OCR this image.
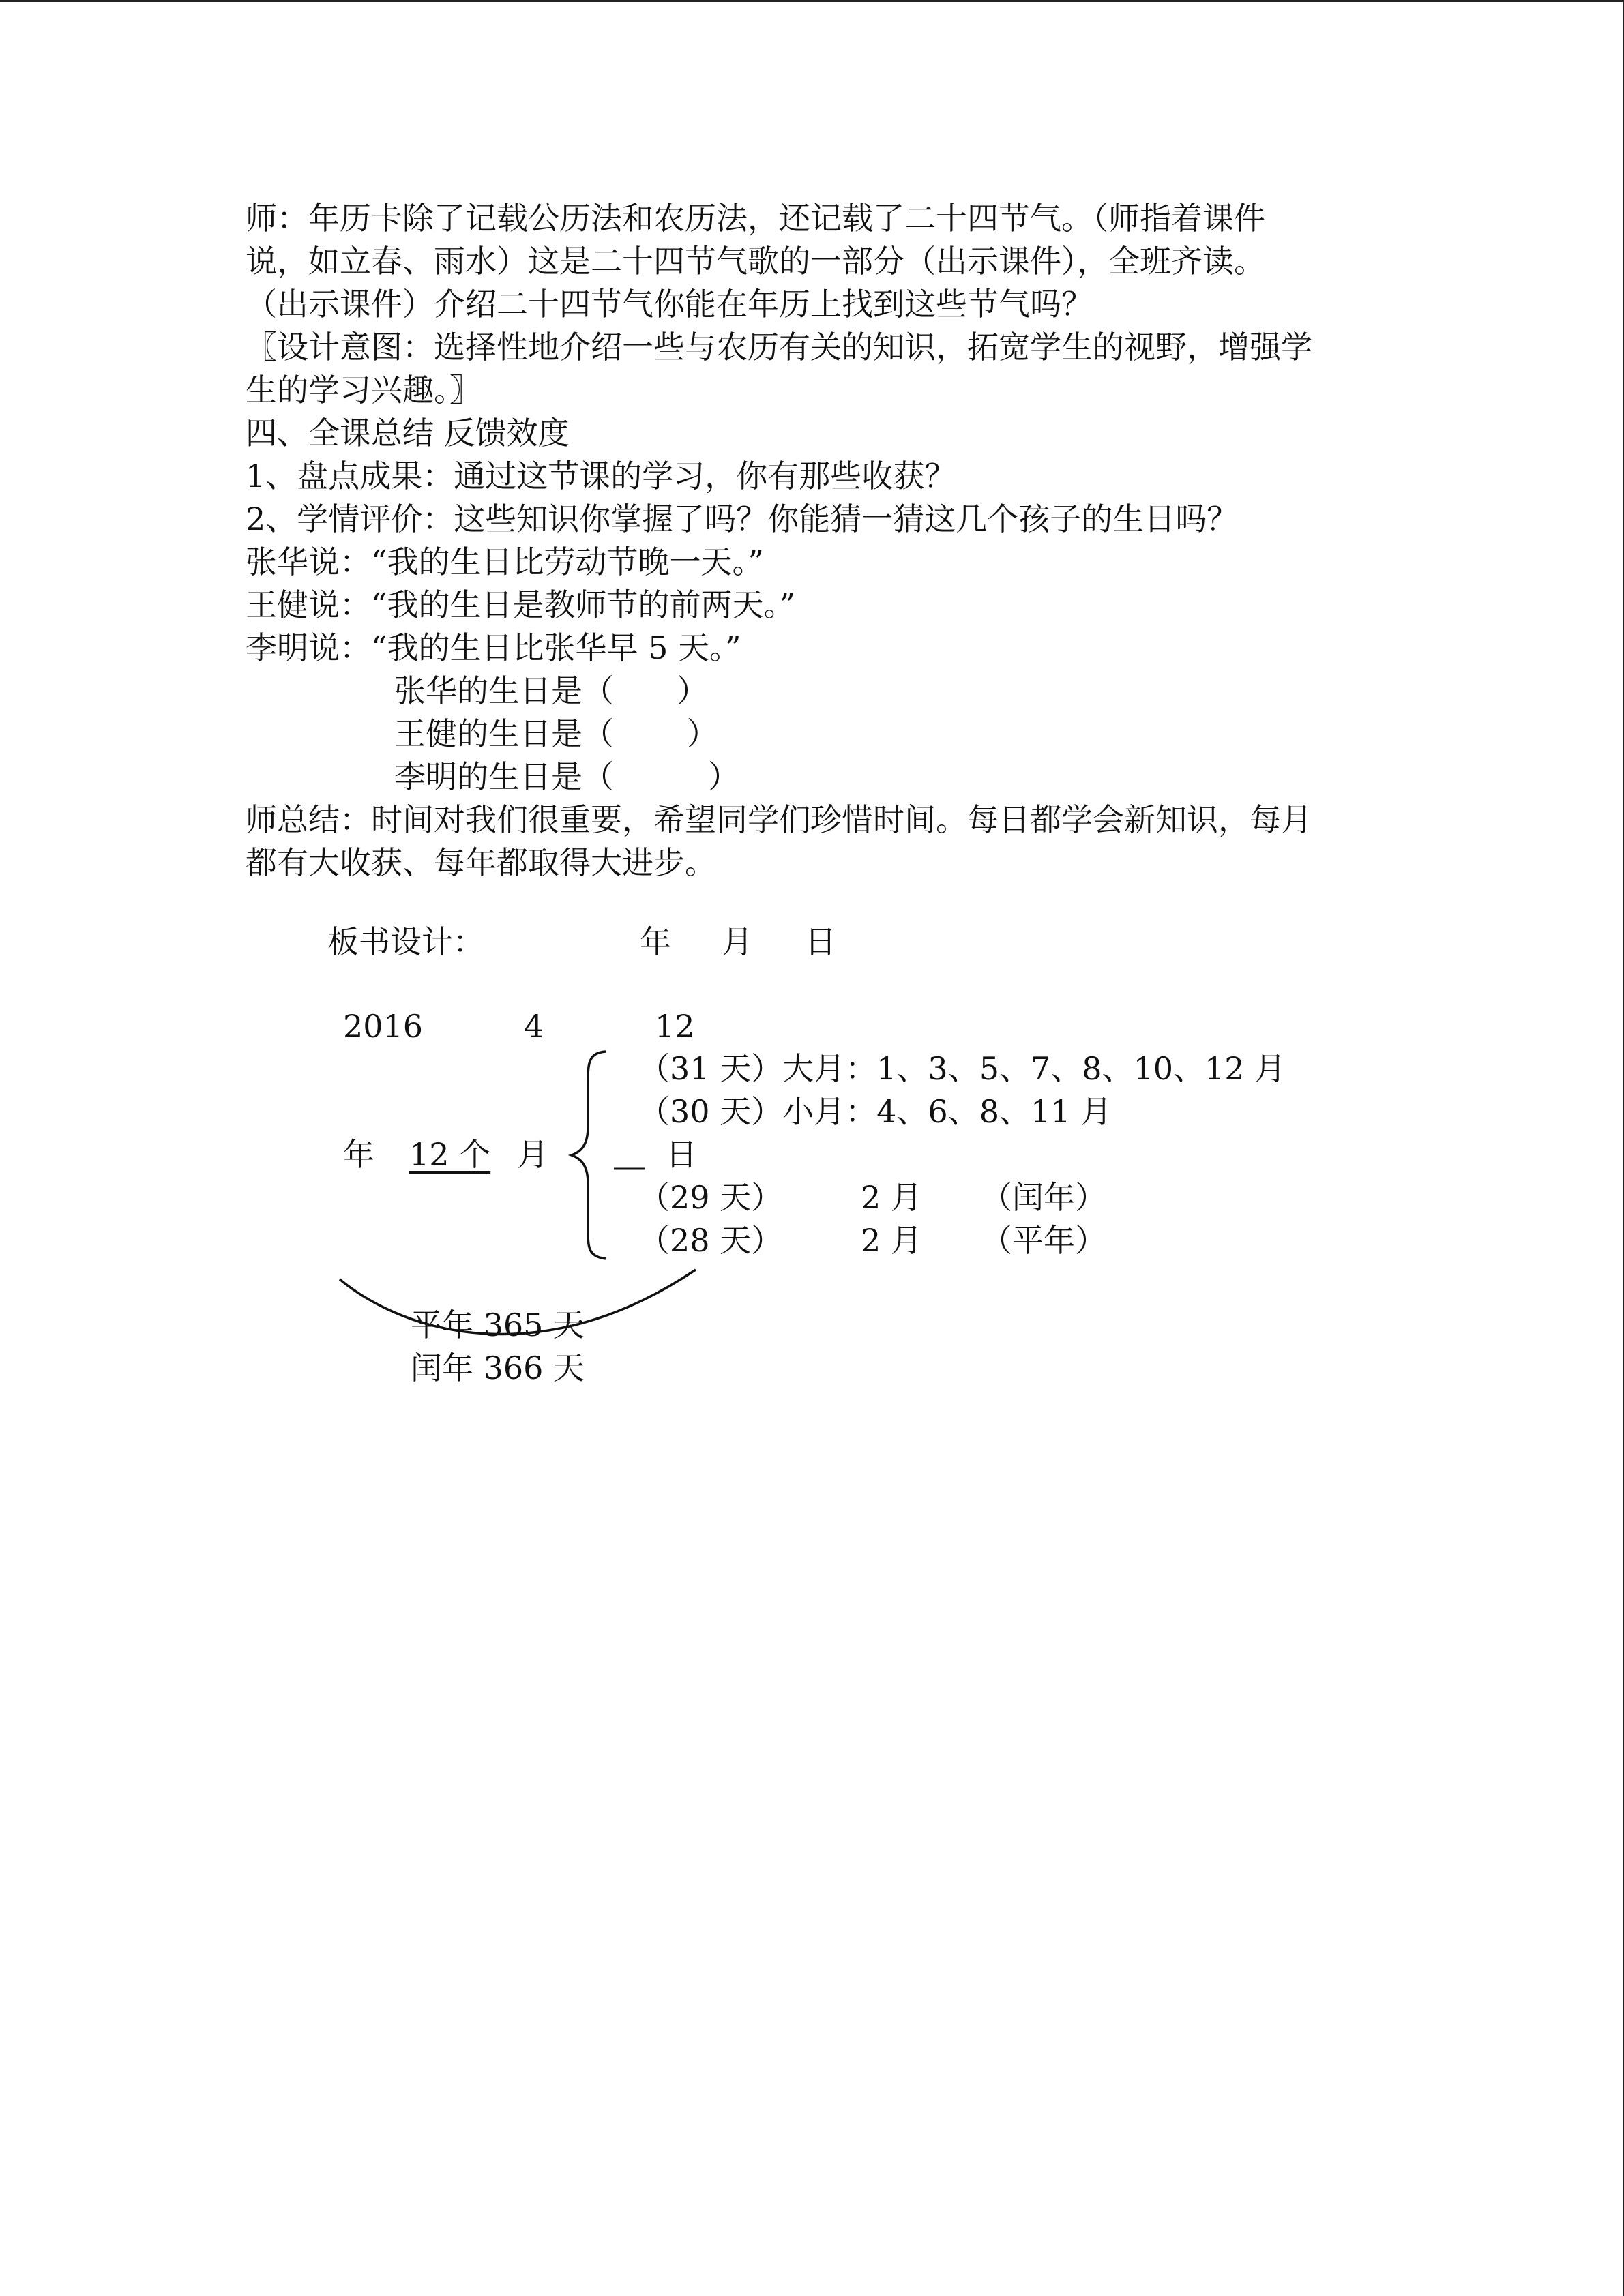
师：年历卡除了记载公历法和农历法，还记载了二十四节气。（师指着课件

说，如立春、雨水）这是二十四节气歌的一部分（出示课件），全班齐读。

（出示课件）介绍二十四节气你能在年历上找到这些节气吗？

〖设计意图：选择性地介绍一些与农历有关的知识，拓宽学生的视野，增强学

生的学习兴趣。〗

四、全课总结 反馈效度

1、盘点成果：通过这节课的学习，你有那些收获？

2、学情评价：这些知识你掌握了吗？你能猜一猜这几个孩子的生日吗？

张华说：“我的生日比劳动节晚一天。”

王健说：“我的生日是教师节的前两天。”

李明说：“我的生日比张华早 5 天。”

张华的生日是（　　）

王健的生日是（　　 ）

李明的生日是（　　　）

师总结：时间对我们很重要，希望同学们珍惜时间。每日都学会新知识，每月

都有大收获、每年都取得大进步。

板书设计：	年 月 日

2016	4	12

（31 天）大月：1、3、5、7、8、10、12 月

（30 天）小月：4、6、8、11 月

年 12 个 月	日

（29 天） 2 月 （闰年）

（28 天） 2 月 （平年）

平年 365 天

闰年 366 天
